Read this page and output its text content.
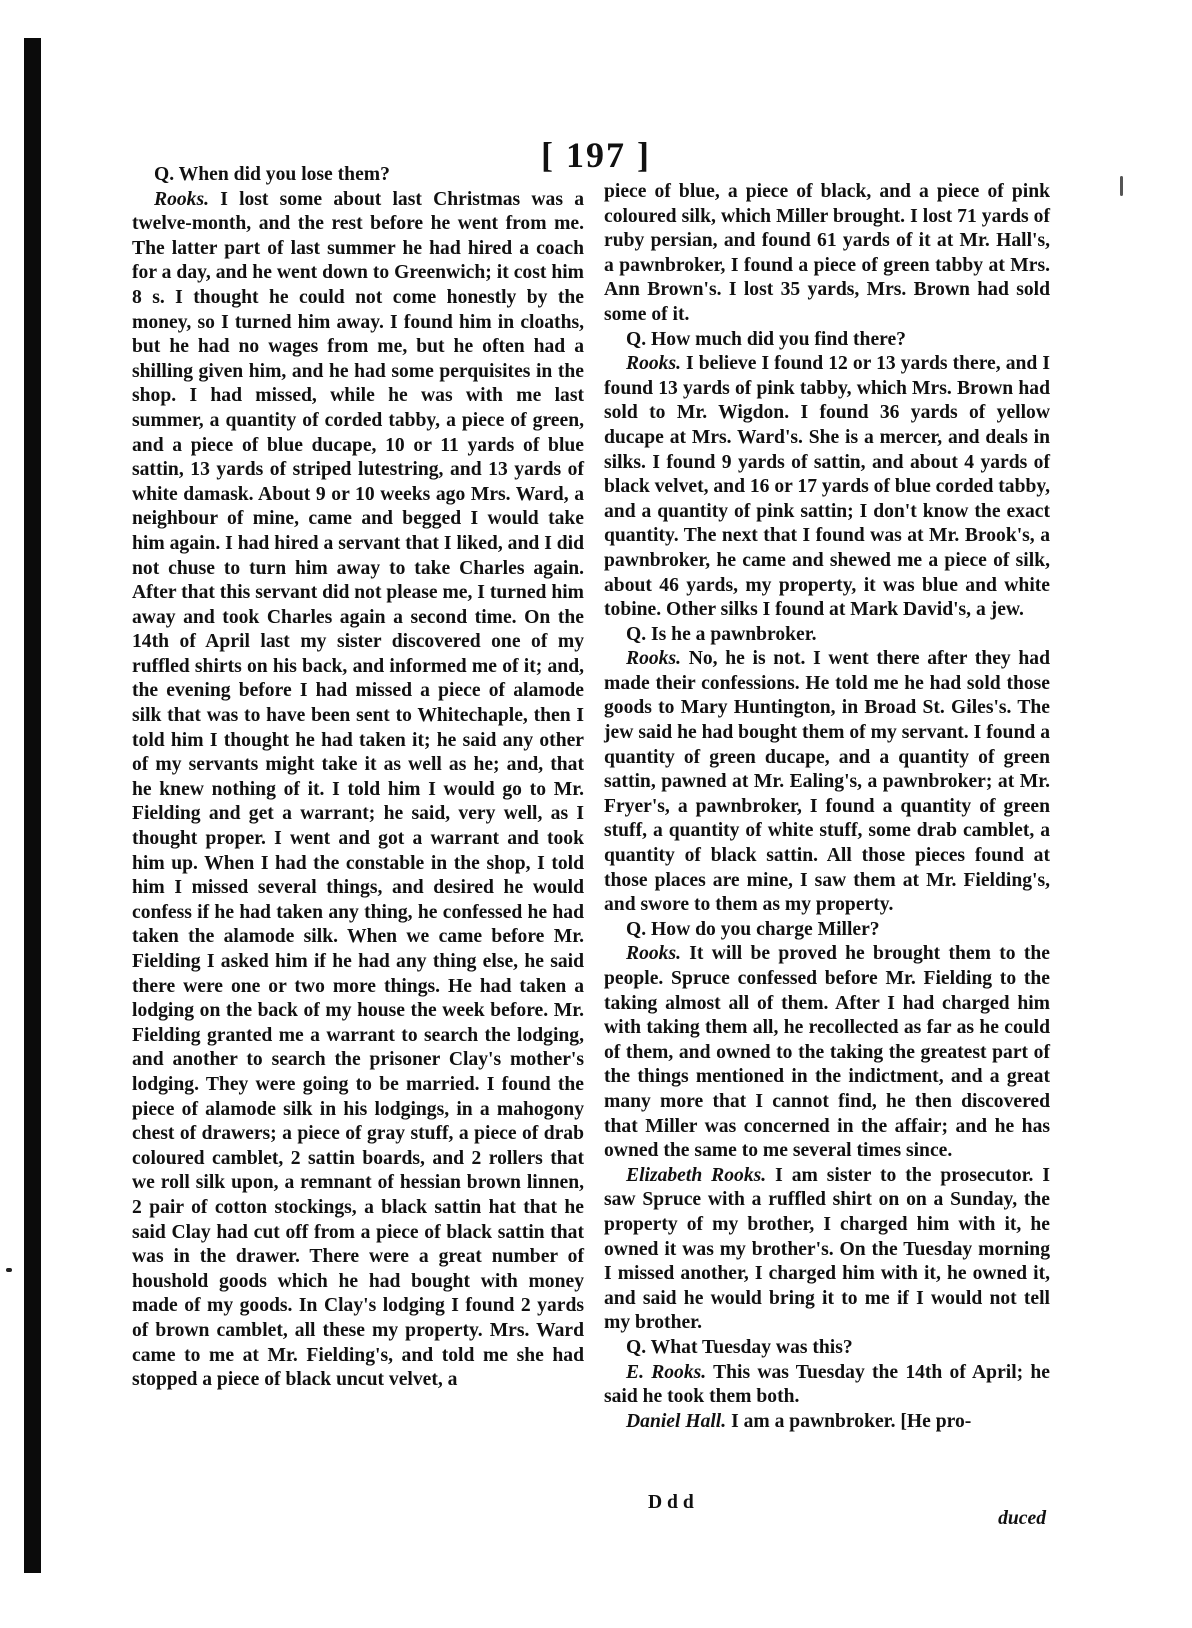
[ 197 ]

Q. When did you lose them?

Rooks. I lost some about last Christmas was a twelve-month, and the rest before he went from me. The latter part of last summer he had hired a coach for a day, and he went down to Greenwich; it cost him 8 s. I thought he could not come honestly by the money, so I turned him away. I found him in cloaths, but he had no wages from me, but he often had a shilling given him, and he had some perquisites in the shop. I had missed, while he was with me last summer, a quantity of corded tabby, a piece of green, and a piece of blue ducape, 10 or 11 yards of blue sattin, 13 yards of striped lutestring, and 13 yards of white damask. About 9 or 10 weeks ago Mrs. Ward, a neighbour of mine, came and begged I would take him again. I had hired a servant that I liked, and I did not chuse to turn him away to take Charles again. After that this servant did not please me, I turned him away and took Charles again a second time. On the 14th of April last my sister discovered one of my ruffled shirts on his back, and informed me of it; and, the evening before I had missed a piece of alamode silk that was to have been sent to Whitechaple, then I told him I thought he had taken it; he said any other of my servants might take it as well as he; and, that he knew nothing of it. I told him I would go to Mr. Fielding and get a warrant; he said, very well, as I thought proper. I went and got a warrant and took him up. When I had the constable in the shop, I told him I missed several things, and desired he would confess if he had taken any thing, he confessed he had taken the alamode silk. When we came before Mr. Fielding I asked him if he had any thing else, he said there were one or two more things. He had taken a lodging on the back of my house the week before. Mr. Fielding granted me a warrant to search the lodging, and another to search the prisoner Clay's mother's lodging. They were going to be married. I found the piece of alamode silk in his lodgings, in a mahogony chest of drawers; a piece of gray stuff, a piece of drab coloured camblet, 2 sattin boards, and 2 rollers that we roll silk upon, a remnant of hessian brown linnen, 2 pair of cotton stockings, a black sattin hat that he said Clay had cut off from a piece of black sattin that was in the drawer. There were a great number of houshold goods which he had bought with money made of my goods. In Clay's lodging I found 2 yards of brown camblet, all these my property. Mrs. Ward came to me at Mr. Fielding's, and told me she had stopped a piece of black uncut velvet, a

piece of blue, a piece of black, and a piece of pink coloured silk, which Miller brought. I lost 71 yards of ruby persian, and found 61 yards of it at Mr. Hall's, a pawnbroker, I found a piece of green tabby at Mrs. Ann Brown's. I lost 35 yards, Mrs. Brown had sold some of it.

Q. How much did you find there?

Rooks. I believe I found 12 or 13 yards there, and I found 13 yards of pink tabby, which Mrs. Brown had sold to Mr. Wigdon. I found 36 yards of yellow ducape at Mrs. Ward's. She is a mercer, and deals in silks. I found 9 yards of sattin, and about 4 yards of black velvet, and 16 or 17 yards of blue corded tabby, and a quantity of pink sattin; I don't know the exact quantity. The next that I found was at Mr. Brook's, a pawnbroker, he came and shewed me a piece of silk, about 46 yards, my property, it was blue and white tobine. Other silks I found at Mark David's, a jew.

Q. Is he a pawnbroker.

Rooks. No, he is not. I went there after they had made their confessions. He told me he had sold those goods to Mary Huntington, in Broad St. Giles's. The jew said he had bought them of my servant. I found a quantity of green ducape, and a quantity of green sattin, pawned at Mr. Ealing's, a pawnbroker; at Mr. Fryer's, a pawnbroker, I found a quantity of green stuff, a quantity of white stuff, some drab camblet, a quantity of black sattin. All those pieces found at those places are mine, I saw them at Mr. Fielding's, and swore to them as my property.

Q. How do you charge Miller?

Rooks. It will be proved he brought them to the people. Spruce confessed before Mr. Fielding to the taking almost all of them. After I had charged him with taking them all, he recollected as far as he could of them, and owned to the taking the greatest part of the things mentioned in the indictment, and a great many more that I cannot find, he then discovered that Miller was concerned in the affair; and he has owned the same to me several times since.

Elizabeth Rooks. I am sister to the prosecutor. I saw Spruce with a ruffled shirt on on a Sunday, the property of my brother, I charged him with it, he owned it was my brother's. On the Tuesday morning I missed another, I charged him with it, he owned it, and said he would bring it to me if I would not tell my brother.

Q. What Tuesday was this?

E. Rooks. This was Tuesday the 14th of April; he said he took them both.

Daniel Hall. I am a pawnbroker. [He pro-

D d d
duced
